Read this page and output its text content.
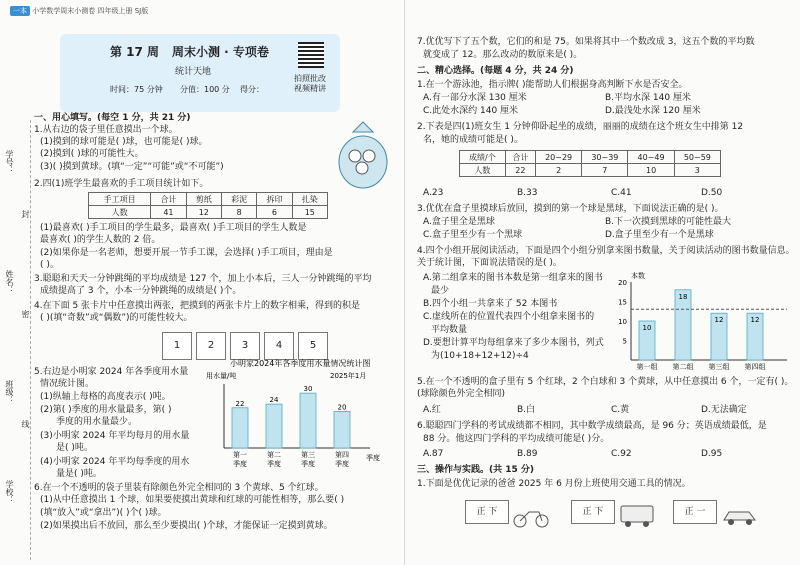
一本 小学数学周末小测卷 四年级上册 SJ版
第 17 周 周末小测 · 专项卷
统计天地
时间：75 分钟 分值：100 分 得分：
拍照批改 视频精讲
学号：
姓名：
班级：
学校：
封
密
线
一、用心填写。(每空 1 分，共 21 分)
1.从右边的袋子里任意摸出一个球。
(1)摸到的球可能是( )球，也可能是( )球。
(2)摸到( )球的可能性大。
(3)( )摸到黄球。(填“一定”“可能”或“不可能”)
2.四(1)班学生最喜欢的手工项目统计如下。
手工项目	合计	剪纸	彩泥	拆印	扎染
人数	41	12	8	6	15
(1)最喜欢( )手工项目的学生最多，最喜欢( )手工项目的学生人数是
最喜欢( )的学生人数的 2 倍。
(2)如果你是一名老师，想要开展一节手工课，会选择( )手工项目，理由是
( )。
3.聪聪和天天一分钟跳绳的平均成绩是 127 个，加上小本后，三人一分钟跳绳的平均
成绩提高了 3 个，小本一分钟跳绳的成绩是( )个。
4.在下面 5 张卡片中任意摸出两张，把摸到的两张卡片上的数字相乘，得到的积是
( )(填“奇数”或“偶数”)的可能性较大。
1	2	3	4	5
5.右边是小明家 2024 年各季度用水量
情况统计图。
(1)纵轴上每格的高度表示( )吨。
(2)第( )季度的用水量最多，第( )
季度的用水量最少。
(3)小明家 2024 年平均每月的用水量
是( )吨。
(4)小明家 2024 年平均每季度的用水
量是( )吨。
小明家2024年各季度用水量情况统计图
用水量/吨	2025年1月
季度
22
第一
季度
24
第二
季度
30
第三
季度
20
第四
季度
6.在一个不透明的袋子里装有除颜色外完全相同的 3 个黄球、5 个红球。
(1)从中任意摸出 1 个球，如果要使摸出黄球和红球的可能性相等，那么要( )
(填“放入”或“拿出”)( )个( )球。
(2)如果摸出后不放回，那么至少要摸出( )个球，才能保证一定摸到黄球。
7.优优写下了五个数，它们的和是 75。如果将其中一个数改成 3，这五个数的平均数
就变成了 12。那么改动的数原来是( )。
二、精心选择。(每题 4 分，共 24 分)
1.在一个游泳池，指示牌( )能帮助人们根据身高判断下水是否安全。
A.有一部分水深 130 厘米	B.平均水深 140 厘米
C.此处水深约 140 厘米	D.最浅处水深 120 厘米
2.下表是四(1)班女生 1 分钟仰卧起坐的成绩，丽丽的成绩在这个班女生中排第 12
名，她的成绩可能是( )。
成绩/个	合计	20~29	30~39	40~49	50~59
人数	22	2	7	10	3
A.23	B.33	C.41	D.50
3.优优在盒子里摸球后放回，摸到的第一个球是黑球，下面说法正确的是( )。
A.盒子里全是黑球	B.下一次摸到黑球的可能性最大
C.盒子里至少有一个黑球	D.盒子里至少有一个是黑球
4.四个小组开展阅读活动，下面是四个小组分别拿来图书数量，关于阅读活动的图书数量信息。关于统计图，下面说法错误的是( )。
A.第二组拿来的图书本数是第一组拿来的图书
最少
B.四个小组一共拿来了 52 本图书
C.虚线所在的位置代表四个小组拿来图书的
平均数量
D.要想计算平均每组拿来了多少本图书，列式
为(10+18+12+12)÷4
本数
5
10
15
20
10
第一组
18
第二组
12
第三组
12
第四组
5.在一个不透明的盒子里有 5 个红球，2 个白球和 3 个黄球，从中任意摸出 6 个，一定有( )。(球除颜色外完全相同)
A.红	B.白	C.黄	D.无法确定
6.聪聪四门学科的考试成绩都不相同，其中数学成绩最高，是 96 分；英语成绩最低，是
88 分。他这四门学科的平均成绩可能是( )分。
A.87	B.89	C.92	D.95
三、操作与实践。(共 15 分)
1.下面是优优记录的爸爸 2025 年 6 月份上班使用交通工具的情况。
正 下	正 下	正 一
